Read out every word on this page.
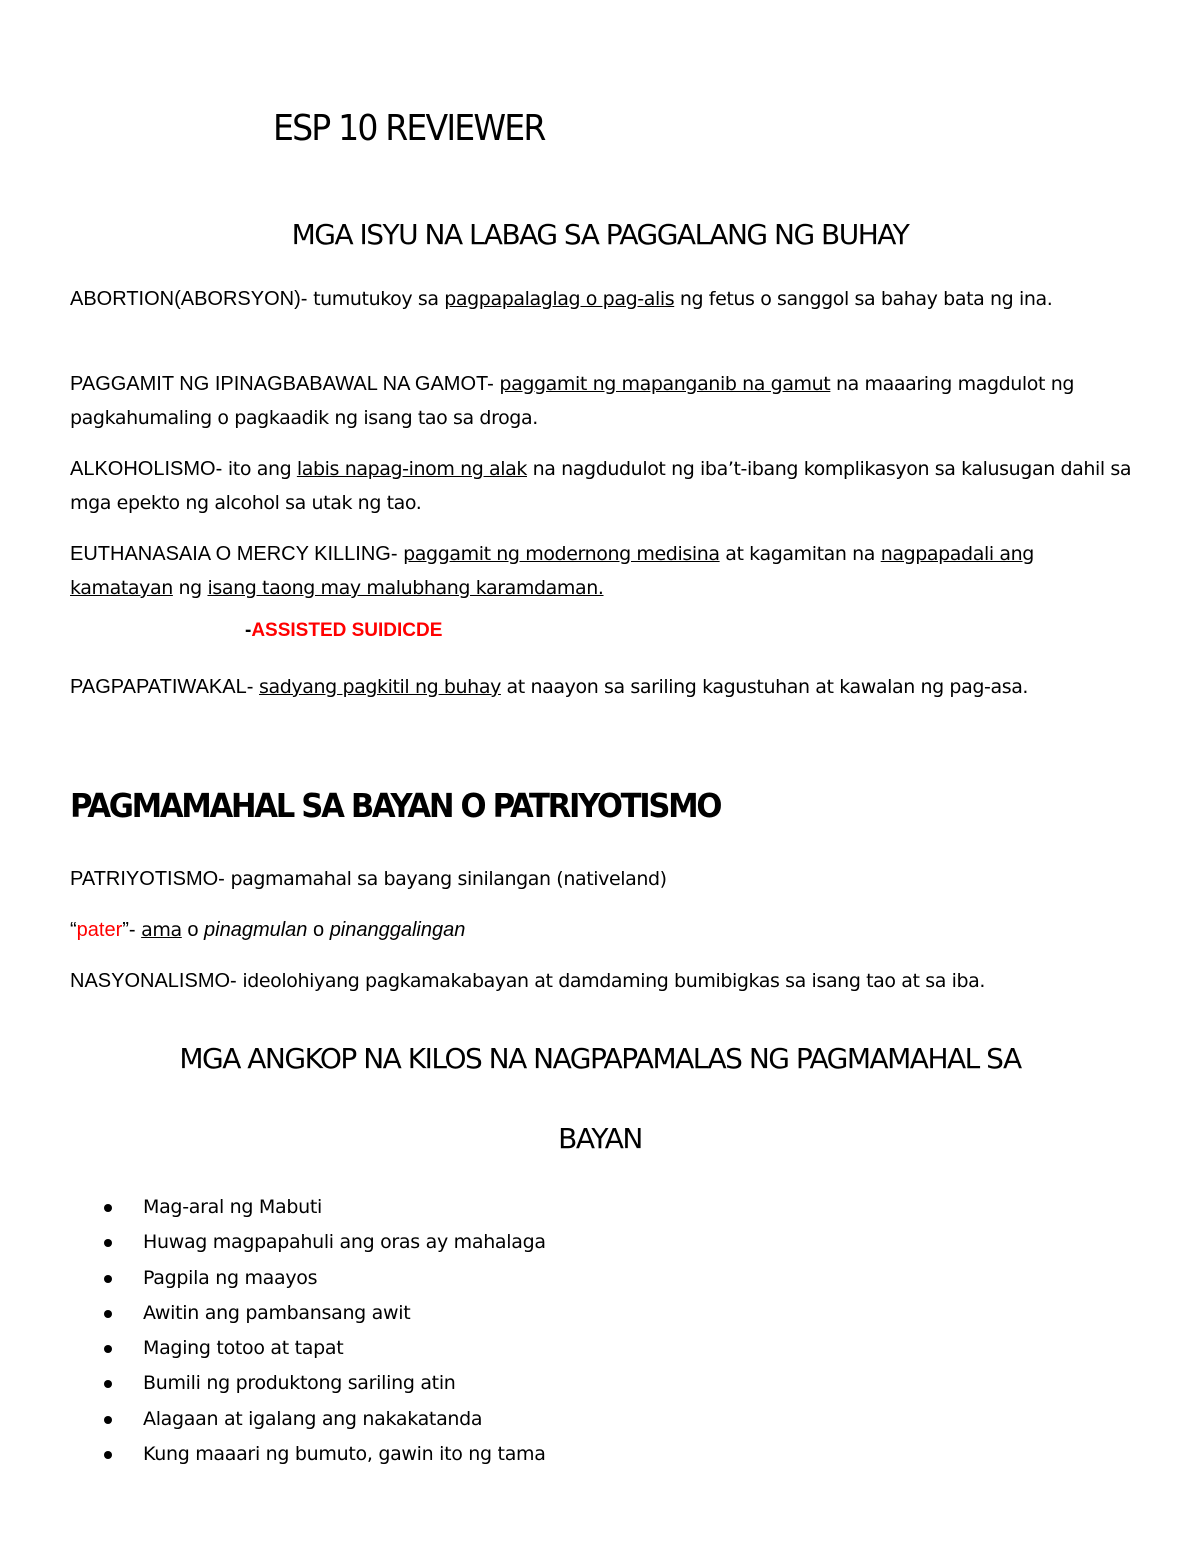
ESP 10 REVIEWER
MGA ISYU NA LABAG SA PAGGALANG NG BUHAY

ABORTION(ABORSYON)- tumutukoy sa pagpapalaglag o pag-alis ng fetus o sanggol sa bahay bata ng ina.

PAGGAMIT NG IPINAGBABAWAL NA GAMOT- paggamit ng mapanganib na gamut na maaaring magdulot ng pagkahumaling o pagkaadik ng isang tao sa droga.

ALKOHOLISMO- ito ang labis napag-inom ng alak na nagdudulot ng iba’t-ibang komplikasyon sa kalusugan dahil sa mga epekto ng alcohol sa utak ng tao.

EUTHANASAIA O MERCY KILLING- paggamit ng modernong medisina at kagamitan na nagpapadali ang kamatayan ng isang taong may malubhang karamdaman.

-ASSISTED SUIDICDE

PAGPAPATIWAKAL- sadyang pagkitil ng buhay at naayon sa sariling kagustuhan at kawalan ng pag-asa.

PAGMAMAHAL SA BAYAN O PATRIYOTISMO

PATRIYOTISMO- pagmamahal sa bayang sinilangan (nativeland)

“pater”- ama o pinagmulan o pinanggalingan

NASYONALISMO- ideolohiyang pagkamakabayan at damdaming bumibigkas sa isang tao at sa iba.

MGA ANGKOP NA KILOS NA NAGPAPAMALAS NG PAGMAMAHAL SA
BAYAN
Mag-aral ng Mabuti
Huwag magpapahuli ang oras ay mahalaga
Pagpila ng maayos
Awitin ang pambansang awit
Maging totoo at tapat
Bumili ng produktong sariling atin
Alagaan at igalang ang nakakatanda
Kung maaari ng bumuto, gawin ito ng tama
